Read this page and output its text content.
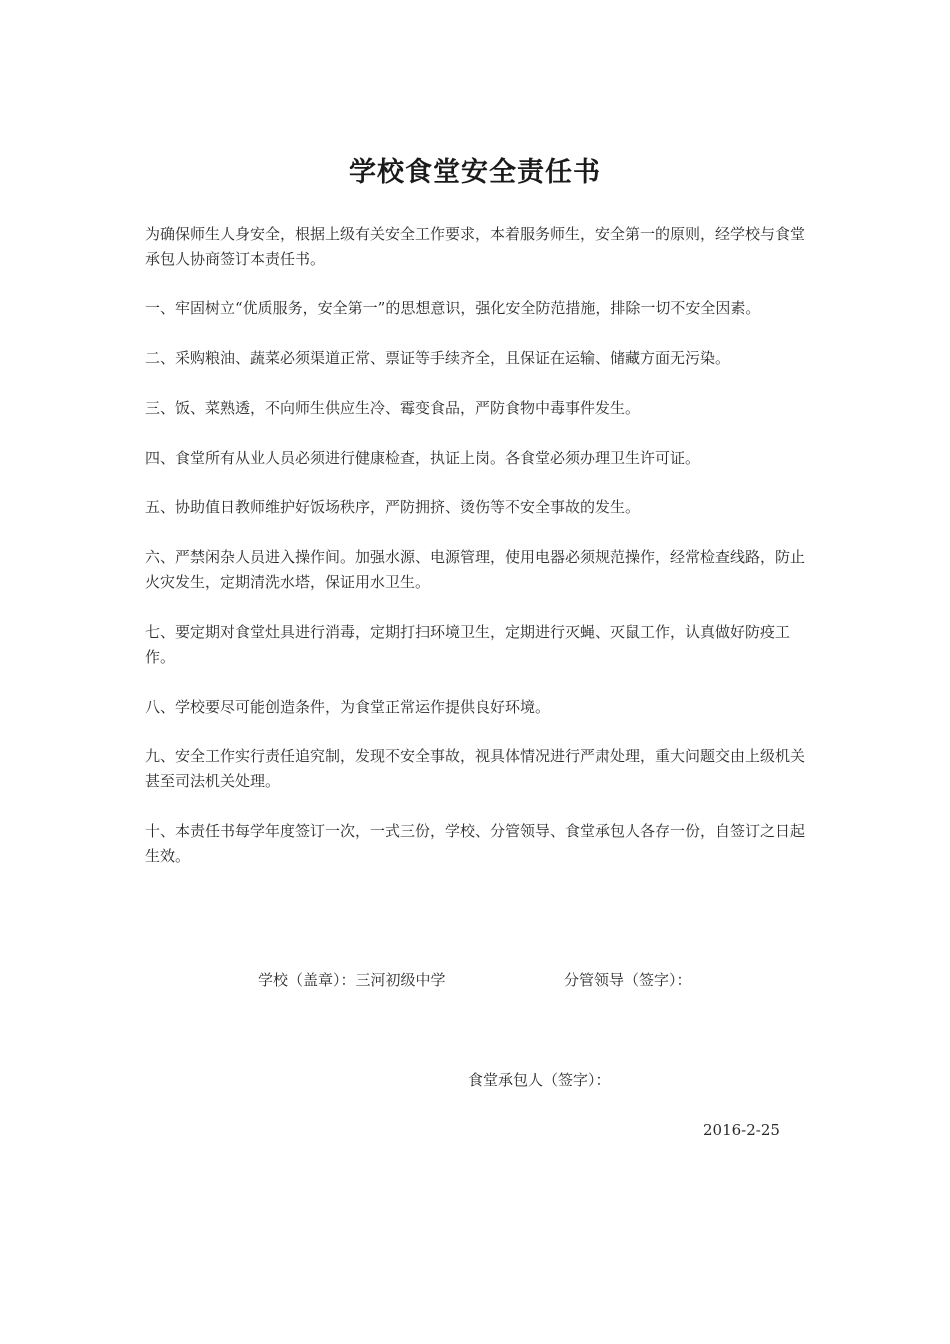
学校食堂安全责任书

为确保师生人身安全，根据上级有关安全工作要求，本着服务师生，安全第一的原则，经学校与食堂承包人协商签订本责任书。

一、牢固树立“优质服务，安全第一”的思想意识，强化安全防范措施，排除一切不安全因素。

二、采购粮油、蔬菜必须渠道正常、票证等手续齐全，且保证在运输、储藏方面无污染。

三、饭、菜熟透，不向师生供应生冷、霉变食品，严防食物中毒事件发生。

四、食堂所有从业人员必须进行健康检查，执证上岗。各食堂必须办理卫生许可证。

五、协助值日教师维护好饭场秩序，严防拥挤、烫伤等不安全事故的发生。

六、严禁闲杂人员进入操作间。加强水源、电源管理，使用电器必须规范操作，经常检查线路，防止火灾发生，定期清洗水塔，保证用水卫生。

七、要定期对食堂灶具进行消毒，定期打扫环境卫生，定期进行灭蝇、灭鼠工作，认真做好防疫工作。

八、学校要尽可能创造条件，为食堂正常运作提供良好环境。

九、安全工作实行责任追究制，发现不安全事故，视具体情况进行严肃处理，重大问题交由上级机关甚至司法机关处理。

十、本责任书每学年度签订一次，一式三份，学校、分管领导、食堂承包人各存一份，自签订之日起生效。

学校（盖章）：三河初级中学	分管领导（签字）：
食堂承包人（签字）：
2016-2-25
